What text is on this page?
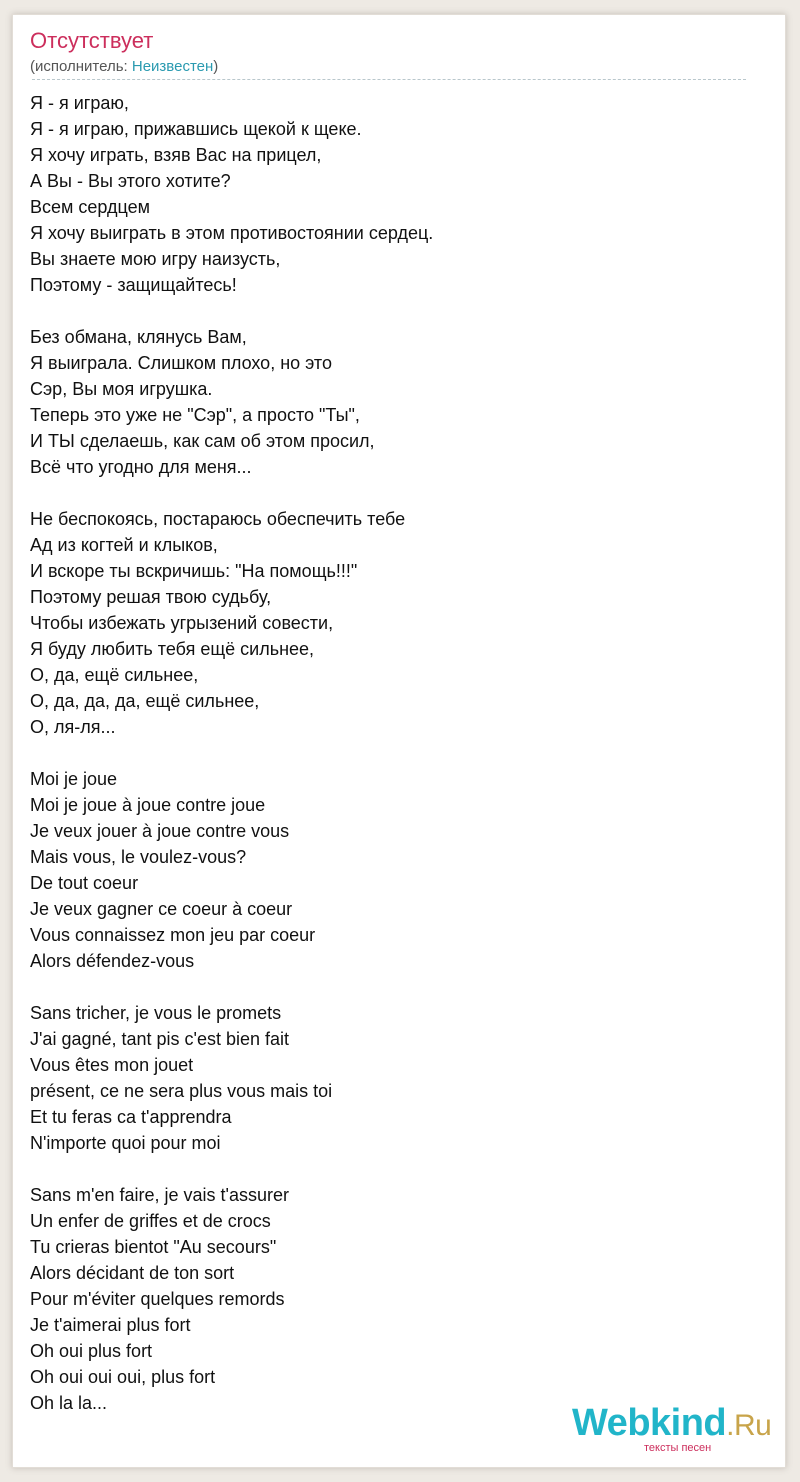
Отсутствует
(исполнитель: Неизвестен)
Я - я играю,
Я - я играю, прижавшись щекой к щеке.
Я хочу играть, взяв Вас на прицел,
А Вы - Вы этого хотите?
Всем сердцем
Я хочу выиграть в этом противостоянии сердец.
Вы знаете мою игру наизусть,
Поэтому - защищайтесь!
Без обмана, клянусь Вам,
Я выиграла. Слишком плохо, но это
Сэр, Вы моя игрушка.
Теперь это уже не "Сэр", а просто "Ты",
И ТЫ сделаешь, как сам об этом просил,
Всё что угодно для меня...
Не беспокоясь, постараюсь обеспечить тебе
Ад из когтей и клыков,
И вскоре ты вскричишь: "На помощь!!!"
Поэтому решая твою судьбу,
Чтобы избежать угрызений совести,
Я буду любить тебя ещё сильнее,
О, да, ещё сильнее,
О, да, да, да, ещё сильнее,
О, ля-ля...
Moi je joue
Moi je joue à joue contre joue
Je veux jouer à joue contre vous
Mais vous, le voulez-vous?
De tout coeur
Je veux gagner ce coeur à coeur
Vous connaissez mon jeu par coeur
Alors défendez-vous
Sans tricher, je vous le promets
J'ai gagné, tant pis c'est bien fait
Vous êtes mon jouet
présent, ce ne sera plus vous mais toi
Et tu feras ca t'apprendra
N'importe quoi pour moi
Sans m'en faire, je vais t'assurer
Un enfer de griffes et de crocs
Tu crieras bientot "Au secours"
Alors décidant de ton sort
Pour m'éviter quelques remords
Je t'aimerai plus fort
Oh oui plus fort
Oh oui oui oui, plus fort
Oh la la...	Webkind.Ru
тексты песен
